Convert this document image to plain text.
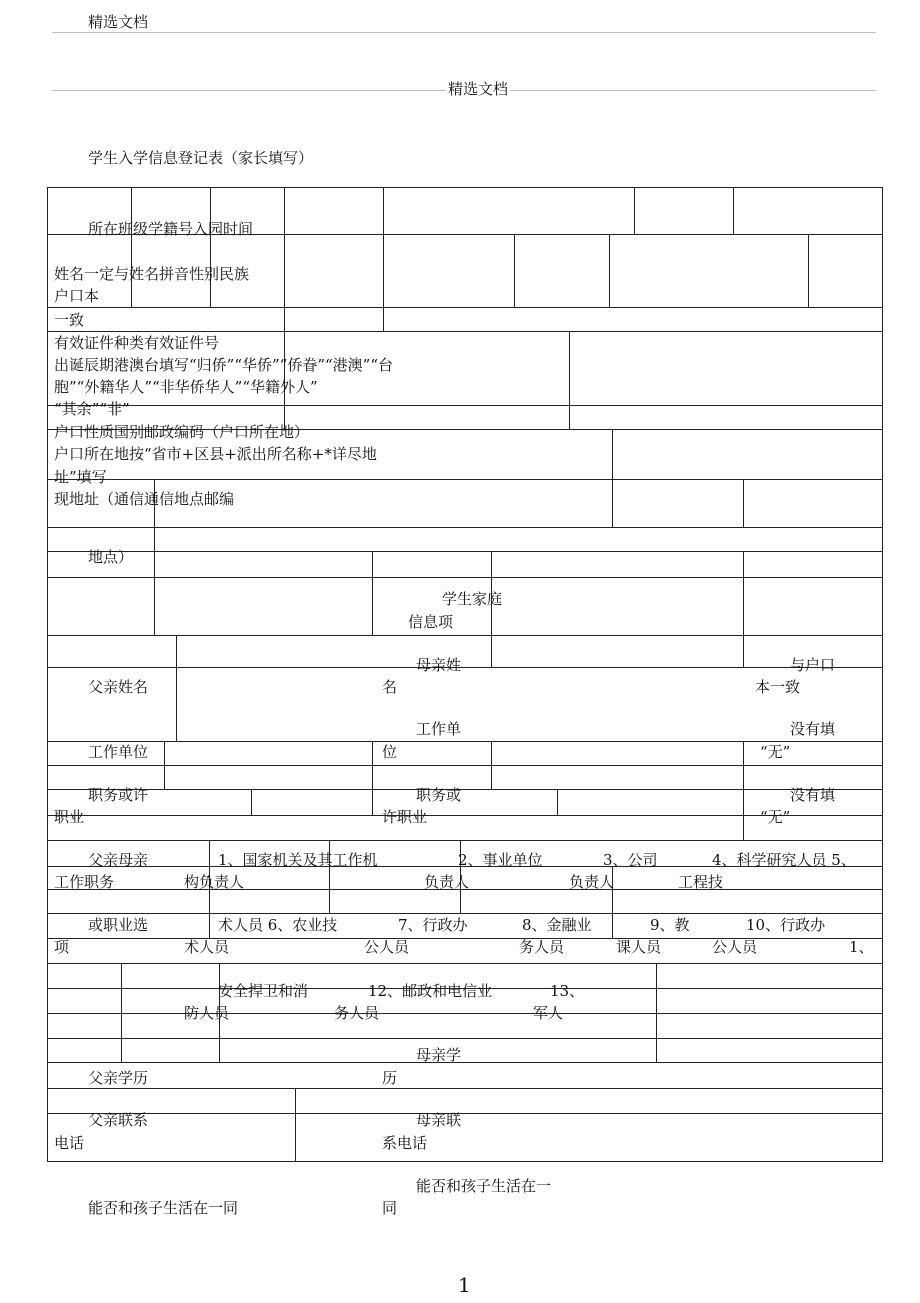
精选文档
精选文档
学生入学信息登记表（家长填写）
所在班级学籍号入园时间
姓名一定与姓名拼音性别民族
户口本
一致
有效证件种类有效证件号
出诞辰期港澳台填写“归侨”“华侨”“侨眷”“港澳”“台
胞”“外籍华人”“非华侨华人”“华籍外人”
“其余”“非”
户口性质国别邮政编码（户口所在地）
户口所在地按“省市+区县+派出所名称+*详尽地
址”填写
现地址（通信通信地点邮编
地点）
学生家庭
信息项
母亲姓
名
与户口
本一致
父亲姓名
工作单
位
没有填
“无”
工作单位
职务或许
职业
职务或
许职业
没有填
“无”
父亲母亲
工作职务
或职业选
项
1、国家机关及其工作机
构负责人
2、事业单位
负责人
3、公司
负责人
4、科学研究人员 5、
工程技
术人员 6、农业技
术人员
7、行政办
公人员
8、金融业
务人员
9、教
课人员
10、行政办
公人员	1、
安全捍卫和消
防人员
12、邮政和电信业
务人员
13、
军人
母亲学
历
父亲学历
父亲联系
电话
母亲联
系电话
能否和孩子生活在一
同
能否和孩子生活在一同
1
